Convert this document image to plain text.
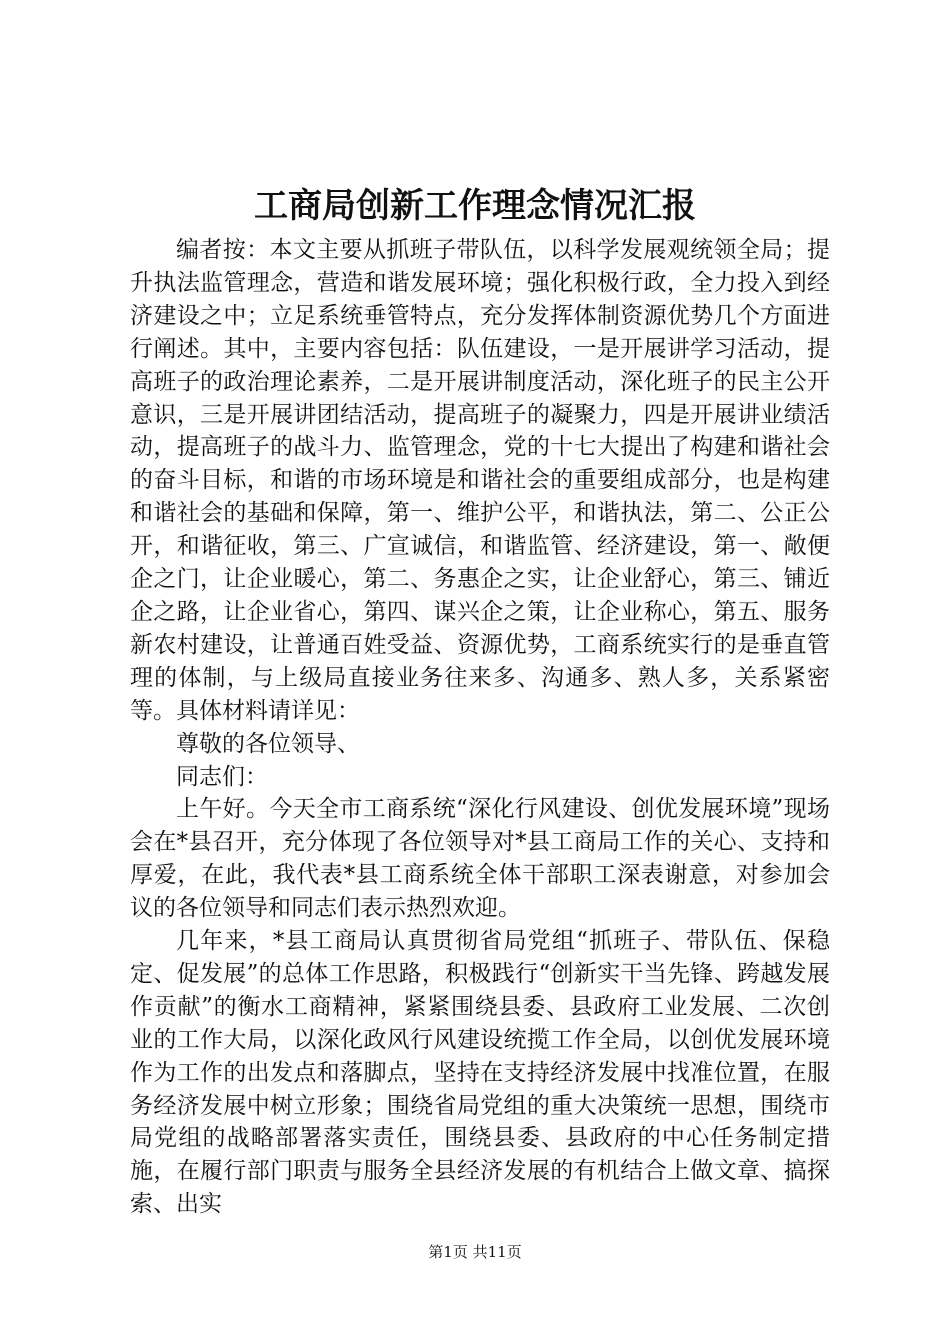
工商局创新工作理念情况汇报

编者按：本文主要从抓班子带队伍，以科学发展观统领全局；提升执法监管理念，营造和谐发展环境；强化积极行政，全力投入到经济建设之中；立足系统垂管特点，充分发挥体制资源优势几个方面进行阐述。其中，主要内容包括：队伍建设，一是开展讲学习活动，提高班子的政治理论素养，二是开展讲制度活动，深化班子的民主公开意识，三是开展讲团结活动，提高班子的凝聚力，四是开展讲业绩活动，提高班子的战斗力、监管理念，党的十七大提出了构建和谐社会的奋斗目标，和谐的市场环境是和谐社会的重要组成部分，也是构建和谐社会的基础和保障，第一、维护公平，和谐执法，第二、公正公开，和谐征收，第三、广宣诚信，和谐监管、经济建设，第一、敞便企之门，让企业暖心，第二、务惠企之实，让企业舒心，第三、铺近企之路，让企业省心，第四、谋兴企之策，让企业称心，第五、服务新农村建设，让普通百姓受益、资源优势，工商系统实行的是垂直管理的体制，与上级局直接业务往来多、沟通多、熟人多，关系紧密等。具体材料请详见：

尊敬的各位领导、

同志们：

上午好。今天全市工商系统“深化行风建设、创优发展环境”现场会在*县召开，充分体现了各位领导对*县工商局工作的关心、支持和厚爱，在此，我代表*县工商系统全体干部职工深表谢意，对参加会议的各位领导和同志们表示热烈欢迎。

几年来，*县工商局认真贯彻省局党组“抓班子、带队伍、保稳定、促发展”的总体工作思路，积极践行“创新实干当先锋、跨越发展作贡献”的衡水工商精神，紧紧围绕县委、县政府工业发展、二次创业的工作大局，以深化政风行风建设统揽工作全局，以创优发展环境作为工作的出发点和落脚点，坚持在支持经济发展中找准位置，在服务经济发展中树立形象；围绕省局党组的重大决策统一思想，围绕市局党组的战略部署落实责任，围绕县委、县政府的中心任务制定措施，在履行部门职责与服务全县经济发展的有机结合上做文章、搞探索、出实

第1页 共11页
